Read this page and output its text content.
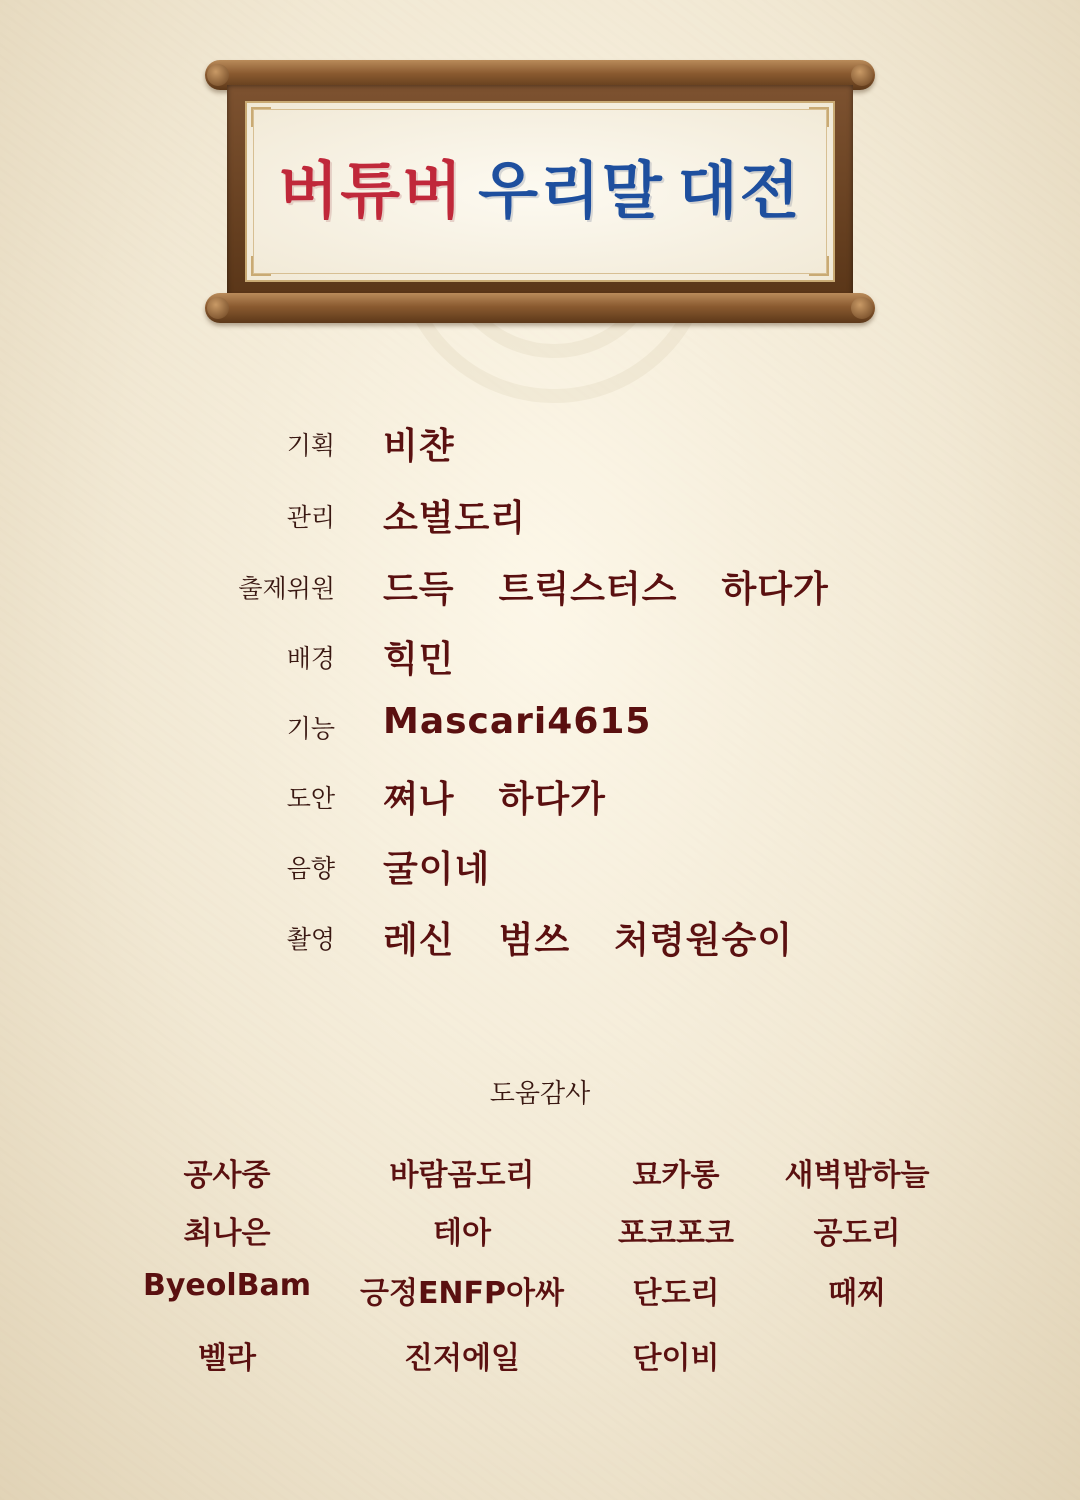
버튜버 우리말 대전
기획 비챤
관리 소벌도리
출제위원 드득 트릭스터스 하다가
배경 힉민
기능 Mascari4615
도안 쪄나 하다가
음향 굴이네
촬영 레신 범쓰 처령원숭이
도움감사
공사중	바람곰도리	묘카롱	새벽밤하늘
최나은	테아	포코포코	공도리
ByeolBam	긍정ENFP아싸	단도리	때찌
벨라	진저에일	단이비
